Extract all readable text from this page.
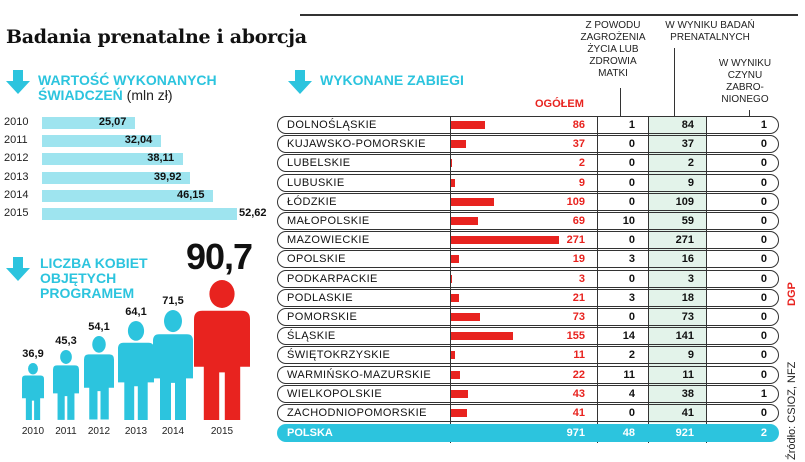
Badania prenatalne i aborcja
WARTOŚĆ WYKONANYCH
ŚWIADCZEŃ (mln zł)
2010	25,07
2011	32,04
2012	38,11
2013	39,92
2014	46,15
2015	52,62
LICZBA KOBIET
OBJĘTYCH
PROGRAMEM
36,9
2010
45,3
2011
54,1
2012
64,1
2013
71,5
2014
90,7
2015
WYKONANE ZABIEGI
Z POWODU
ZAGROŻENIA
ŻYCIA LUB
ZDROWIA
MATKI
W WYNIKU BADAŃ
PRENATALNYCH
W WYNIKU
CZYNU
ZABRO-
NIONEGO
OGÓŁEM
DOLNOŚLĄSKIE	86	1	84	1
KUJAWSKO-POMORSKIE	37	0	37	0
LUBELSKIE	2	0	2	0
LUBUSKIE	9	0	9	0
ŁÓDZKIE	109	0	109	0
MAŁOPOLSKIE	69	10	59	0
MAZOWIECKIE	271	0	271	0
OPOLSKIE	19	3	16	0
PODKARPACKIE	3	0	3	0
PODLASKIE	21	3	18	0
POMORSKIE	73	0	73	0
ŚLĄSKIE	155	14	141	0
ŚWIĘTOKRZYSKIE	11	2	9	0
WARMIŃSKO-MAZURSKIE	22	11	11	0
WIELKOPOLSKIE	43	4	38	1
ZACHODNIOPOMORSKIE	41	0	41	0
POLSKA	971	48	921	2
DGP
Źródło: CSIOZ, NFZ
